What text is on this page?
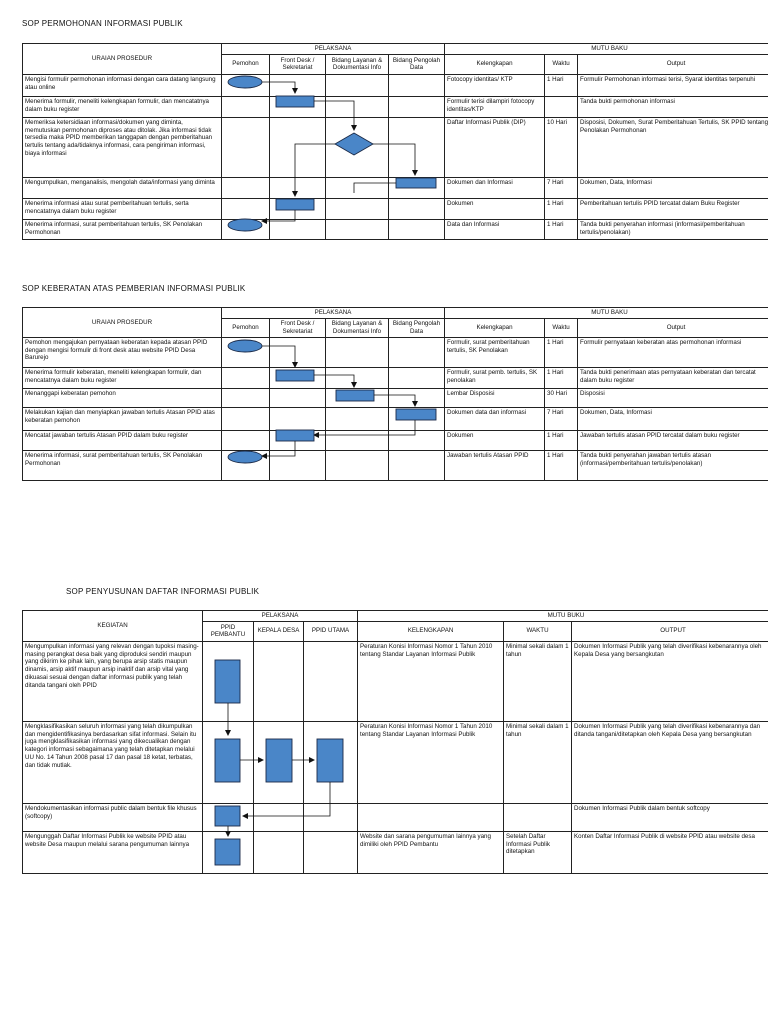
SOP PERMOHONAN INFORMASI PUBLIK
URAIAN PROSEDUR	PELAKSANA				MUTU BAKU		
	Pemohon	Front Desk / Sekretariat	Bidang Layanan & Dokumentasi Info	Bidang Pengolah Data	Kelengkapan	Waktu	Output
Mengisi formulir permohonan informasi dengan cara datang langsung atau online					Fotocopy identitas/ KTP	1 Hari	Formulir Permohonan informasi terisi, Syarat identitas terpenuhi
Menerima formulir, meneliti kelengkapan formulir, dan mencatatnya dalam buku register					Formulir terisi dilampiri fotocopy identitas/KTP		Tanda bukti permohonan informasi
Memeriksa ketersidiaan informasi/dokumen yang diminta, memutuskan permohonan diproses atau ditolak. Jika informasi tidak tersedia maka PPID memberikan tanggapan dengan pemberitahuan tertulis tentang ada/tidaknya informasi, cara pengiriman informasi, biaya informasi					Daftar Informasi Publik (DIP)	10 Hari	Disposisi, Dokumen, Surat Pemberitahuan Tertulis, SK PPID tentang Penolakan Permohonan
Mengumpulkan, menganalisis, mengolah data/informasi yang diminta					Dokumen dan Informasi	7 Hari	Dokumen, Data, Informasi
Menerima informasi atau surat pemberitahuan tertulis, serta mencatatnya dalam buku register					Dokumen	1 Hari	Pemberitahuan tertulis PPID tercatat dalam Buku Register
Menerima informasi, surat pemberitahuan tertulis, SK Penolakan Permohonan					Data dan Informasi	1 Hari	Tanda bukti penyerahan informasi (informasi/pemberitahuan tertulis/penolakan)
SOP KEBERATAN ATAS PEMBERIAN INFORMASI PUBLIK
URAIAN PROSEDUR	PELAKSANA				MUTU BAKU		
	Pemohon	Front Desk / Sekretariat	Bidang Layanan & Dokumentasi Info	Bidang Pengolah Data	Kelengkapan	Waktu	Output
Pemohon mengajukan pernyataan keberatan kepada atasan PPID dengan mengisi formulir di front desk atau website PPID Desa Barurejo					Formulir, surat pemberitahuan tertulis, SK Penolakan	1 Hari	Formulir pernyataan keberatan atas permohonan informasi
Menerima formulir keberatan, meneliti kelengkapan formulir, dan mencatatnya dalam buku register					Formulir, surat pemb. tertulis, SK penolakan	1 Hari	Tanda bukti penerimaan atas pernyataan keberatan dan tercatat dalam buku register
Menanggapi keberatan pemohon					Lembar Disposisi	30 Hari	Disposisi
Melakukan kajian dan menyiapkan jawaban tertulis Atasan PPID atas keberatan pemohon					Dokumen data dan informasi	7 Hari	Dokumen, Data, Informasi
Mencatat jawaban tertulis Atasan PPID dalam buku register					Dokumen	1 Hari	Jawaban tertulis atasan PPID tercatat dalam buku register
Menerima informasi, surat pemberitahuan tertulis, SK Penolakan Permohonan					Jawaban tertulis Atasan PPID	1 Hari	Tanda bukti penyerahan jawaban tertulis atasan (informasi/pemberitahuan tertulis/penolakan)
SOP PENYUSUNAN DAFTAR INFORMASI PUBLIK
KEGIATAN	PELAKSANA			MUTU BUKU		
	PPID PEMBANTU	KEPALA DESA	PPID UTAMA	KELENGKAPAN	WAKTU	OUTPUT
Mengumpulkan informasi yang relevan dengan tupoksi masing-masing perangkat desa baik yang diproduksi sendiri maupun yang dikirim ke pihak lain, yang berupa arsip statis maupun dinamis, arsip aktif maupun arsip inaktif dan arsip vital yang dikuasai sesuai dengan daftar informasi publik yang telah ditanda tangani oleh PPID				Peraturan Konisi Informasi Nomor 1 Tahun 2010 tentang Standar Layanan Informasi Publik	Minimal sekali dalam 1 tahun	Dokumen Informasi Publik yang telah diverifikasi kebenarannya oleh Kepala Desa yang bersangkutan
Mengklasifikasikan seluruh informasi yang telah dikumpulkan dan mengidentifikasinya berdasarkan sifat informasi. Selain itu juga mengklasifikasikan informasi yang dikecualikan dengan kategori informasi sebagaimana yang telah ditetapkan melalui UU No. 14 Tahun 2008 pasal 17 dan pasal 18 ketat, terbatas, dan tidak mutlak.				Peraturan Konisi Informasi Nomor 1 Tahun 2010 tentang Standar Layanan Informasi Publik	Minimal sekali dalam 1 tahun	Dokumen Informasi Publik yang telah diverifikasi kebenarannya dan ditanda tangani/ditetapkan oleh Kepala Desa yang bersangkutan
Mendokumentasikan informasi public dalam bentuk file khusus (softcopy)						Dokumen Informasi Publik dalam bentuk softcopy
Mengunggah Daftar Informasi Publik ke website PPID atau website Desa maupun melalui sarana pengumuman lainnya				Website dan sarana pengumuman lainnya yang dimiliki oleh PPID Pembantu	Setelah Daftar Informasi Publik ditetapkan	Konten Daftar Informasi Publik di website PPID atau website desa
